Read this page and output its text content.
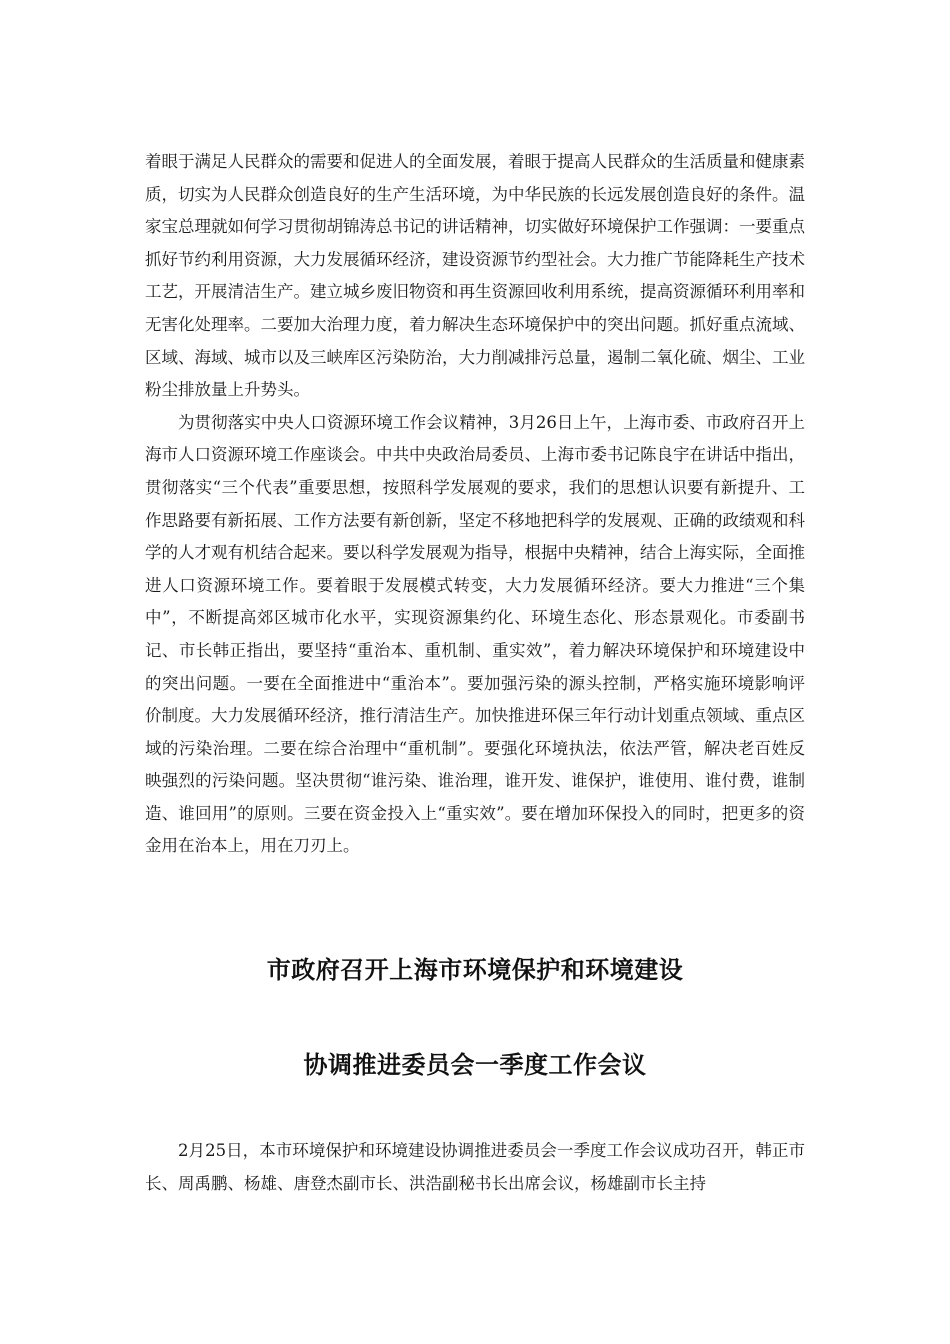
着眼于满足人民群众的需要和促进人的全面发展，着眼于提高人民群众的生活质量和健康素质，切实为人民群众创造良好的生产生活环境，为中华民族的长远发展创造良好的条件。温家宝总理就如何学习贯彻胡锦涛总书记的讲话精神，切实做好环境保护工作强调：一要重点抓好节约利用资源，大力发展循环经济，建设资源节约型社会。大力推广节能降耗生产技术工艺，开展清洁生产。建立城乡废旧物资和再生资源回收利用系统，提高资源循环利用率和无害化处理率。二要加大治理力度，着力解决生态环境保护中的突出问题。抓好重点流域、区域、海域、城市以及三峡库区污染防治，大力削减排污总量，遏制二氧化硫、烟尘、工业粉尘排放量上升势头。

为贯彻落实中央人口资源环境工作会议精神，3月26日上午，上海市委、市政府召开上海市人口资源环境工作座谈会。中共中央政治局委员、上海市委书记陈良宇在讲话中指出，贯彻落实“三个代表”重要思想，按照科学发展观的要求，我们的思想认识要有新提升、工作思路要有新拓展、工作方法要有新创新，坚定不移地把科学的发展观、正确的政绩观和科学的人才观有机结合起来。要以科学发展观为指导，根据中央精神，结合上海实际，全面推进人口资源环境工作。要着眼于发展模式转变，大力发展循环经济。要大力推进“三个集中”，不断提高郊区城市化水平，实现资源集约化、环境生态化、形态景观化。市委副书记、市长韩正指出，要坚持“重治本、重机制、重实效”，着力解决环境保护和环境建设中的突出问题。一要在全面推进中“重治本”。要加强污染的源头控制，严格实施环境影响评价制度。大力发展循环经济，推行清洁生产。加快推进环保三年行动计划重点领域、重点区域的污染治理。二要在综合治理中“重机制”。要强化环境执法，依法严管，解决老百姓反映强烈的污染问题。坚决贯彻“谁污染、谁治理，谁开发、谁保护，谁使用、谁付费，谁制造、谁回用”的原则。三要在资金投入上“重实效”。要在增加环保投入的同时，把更多的资金用在治本上，用在刀刃上。

市政府召开上海市环境保护和环境建设
协调推进委员会一季度工作会议

2月25日，本市环境保护和环境建设协调推进委员会一季度工作会议成功召开，韩正市长、周禹鹏、杨雄、唐登杰副市长、洪浩副秘书长出席会议，杨雄副市长主持
